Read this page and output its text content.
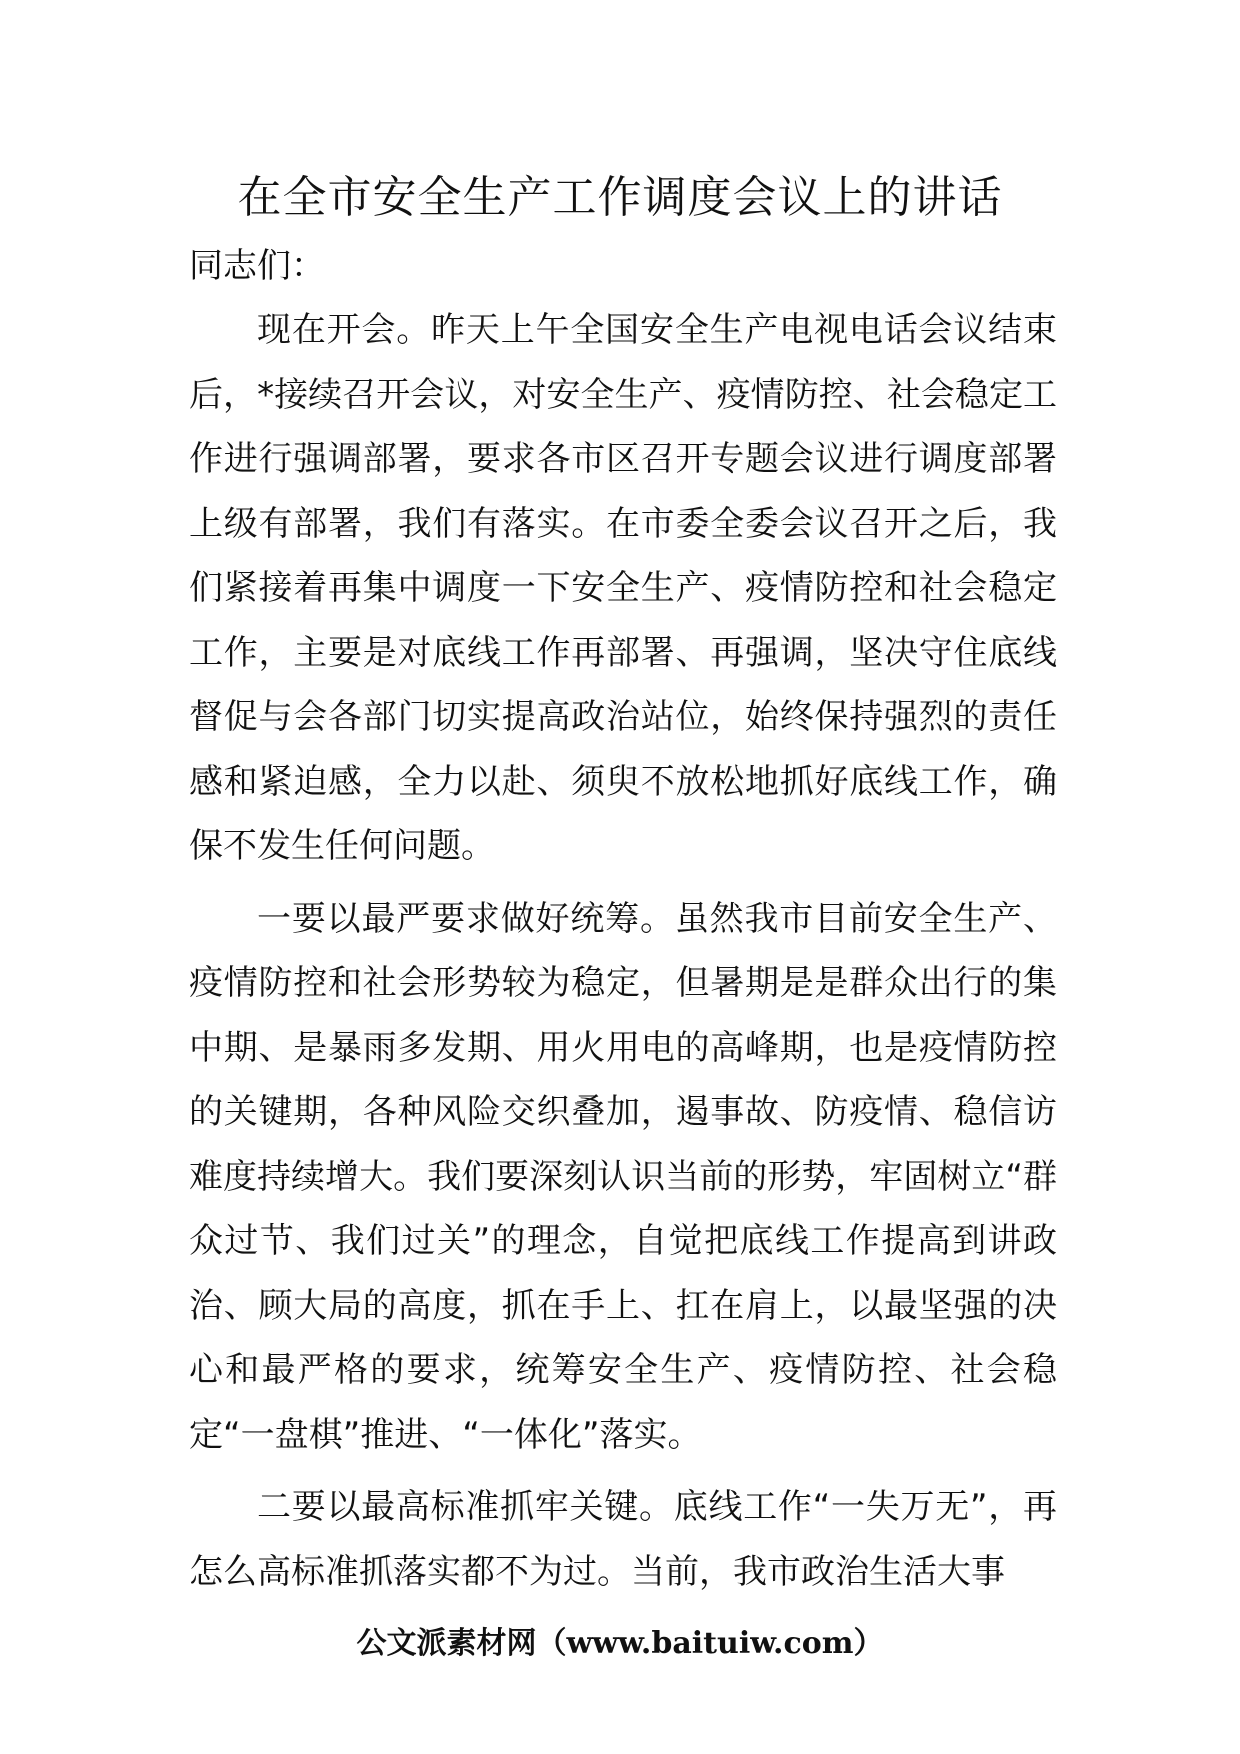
在全市安全生产工作调度会议上的讲话

同志们：

现在开会。昨天上午全国安全生产电视电话会议结束后，*接续召开会议，对安全生产、疫情防控、社会稳定工作进行强调部署，要求各市区召开专题会议进行调度部署上级有部署，我们有落实。在市委全委会议召开之后，我们紧接着再集中调度一下安全生产、疫情防控和社会稳定工作，主要是对底线工作再部署、再强调，坚决守住底线督促与会各部门切实提高政治站位，始终保持强烈的责任感和紧迫感，全力以赴、须臾不放松地抓好底线工作，确保不发生任何问题。

一要以最严要求做好统筹。虽然我市目前安全生产、疫情防控和社会形势较为稳定，但暑期是是群众出行的集中期、是暴雨多发期、用火用电的高峰期，也是疫情防控的关键期，各种风险交织叠加，遏事故、防疫情、稳信访难度持续增大。我们要深刻认识当前的形势，牢固树立“群众过节、我们过关”的理念，自觉把底线工作提高到讲政治、顾大局的高度，抓在手上、扛在肩上，以最坚强的决心和最严格的要求，统筹安全生产、疫情防控、社会稳定“一盘棋”推进、“一体化”落实。

二要以最高标准抓牢关键。底线工作“一失万无”，再怎么高标准抓落实都不为过。当前，我市政治生活大事

公文派素材网（www.baituiw.com）
